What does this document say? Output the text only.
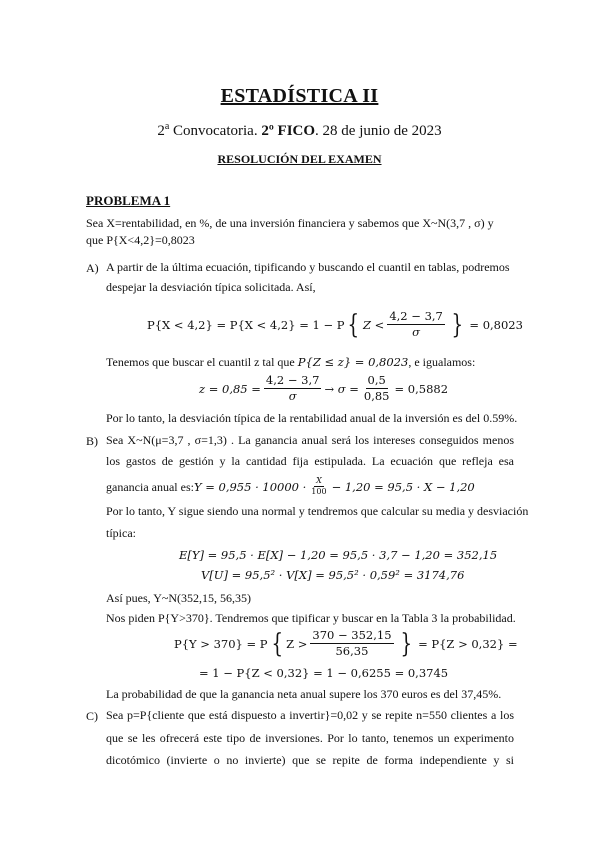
ESTADÍSTICA II
2$^a$ Convocatoria. 2º FICO. 28 de junio de 2023
RESOLUCIÓN DEL EXAMEN
PROBLEMA 1
Sea X=rentabilidad, en %, de una inversión financiera y sabemos que X~N(3,7 , σ) y
que P{X<4,2}=0,8023
A) A partir de la última ecuación, tipificando y buscando el cuantil en tablas, podremos
despejar la desviación típica solicitada. Así,
P{X < 4,2} = P{X < 4,2} = 1 − P { $Z < \frac{4,2 - 3,7}{\sigma}$ } = 0,8023
Tenemos que buscar el cuantil z tal que P{Z ≤ z} = 0,8023, e igualamos:
$z = 0,85 = \frac{4,2 - 3,7}{\sigma} \to \sigma = \frac{0,5}{0,85} = 0,5882$
Por lo tanto, la desviación típica de la rentabilidad anual de la inversión es del 0.59%.
B) Sea X~N(μ=3,7 , σ=1,3) . La ganancia anual será los intereses conseguidos menos
los gastos de gestión y la cantidad fija estipulada. La ecuación que refleja esa
ganancia anual es: $Y = 0,955 \cdot 10000 \cdot \frac{X}{100} - 1,20 = 95,5 \cdot X - 1,20$
Por lo tanto, Y sigue siendo una normal y tendremos que calcular su media y desviación
típica:
E[Y] = 95,5 · E[X] − 1,20 = 95,5 · 3,7 − 1,20 = 352,15
V[U] = 95,5² · V[X] = 95,5² · 0,59² = 3174,76
Así pues, Y~N(352,15, 56,35)
Nos piden P{Y>370}. Tendremos que tipificar y buscar en la Tabla 3 la probabilidad.
P{Y > 370} = P { $Z > \frac{370 - 352,15}{56,35}$ } = P{Z > 0,32} =
= 1 − P{Z < 0,32} = 1 − 0,6255 = 0,3745
La probabilidad de que la ganancia neta anual supere los 370 euros es del 37,45%.
C) Sea p=P{cliente que está dispuesto a invertir}=0,02 y se repite n=550 clientes a los
que se les ofrecerá este tipo de inversiones. Por lo tanto, tenemos un experimento
dicotómico (invierte o no invierte) que se repite de forma independiente y si
